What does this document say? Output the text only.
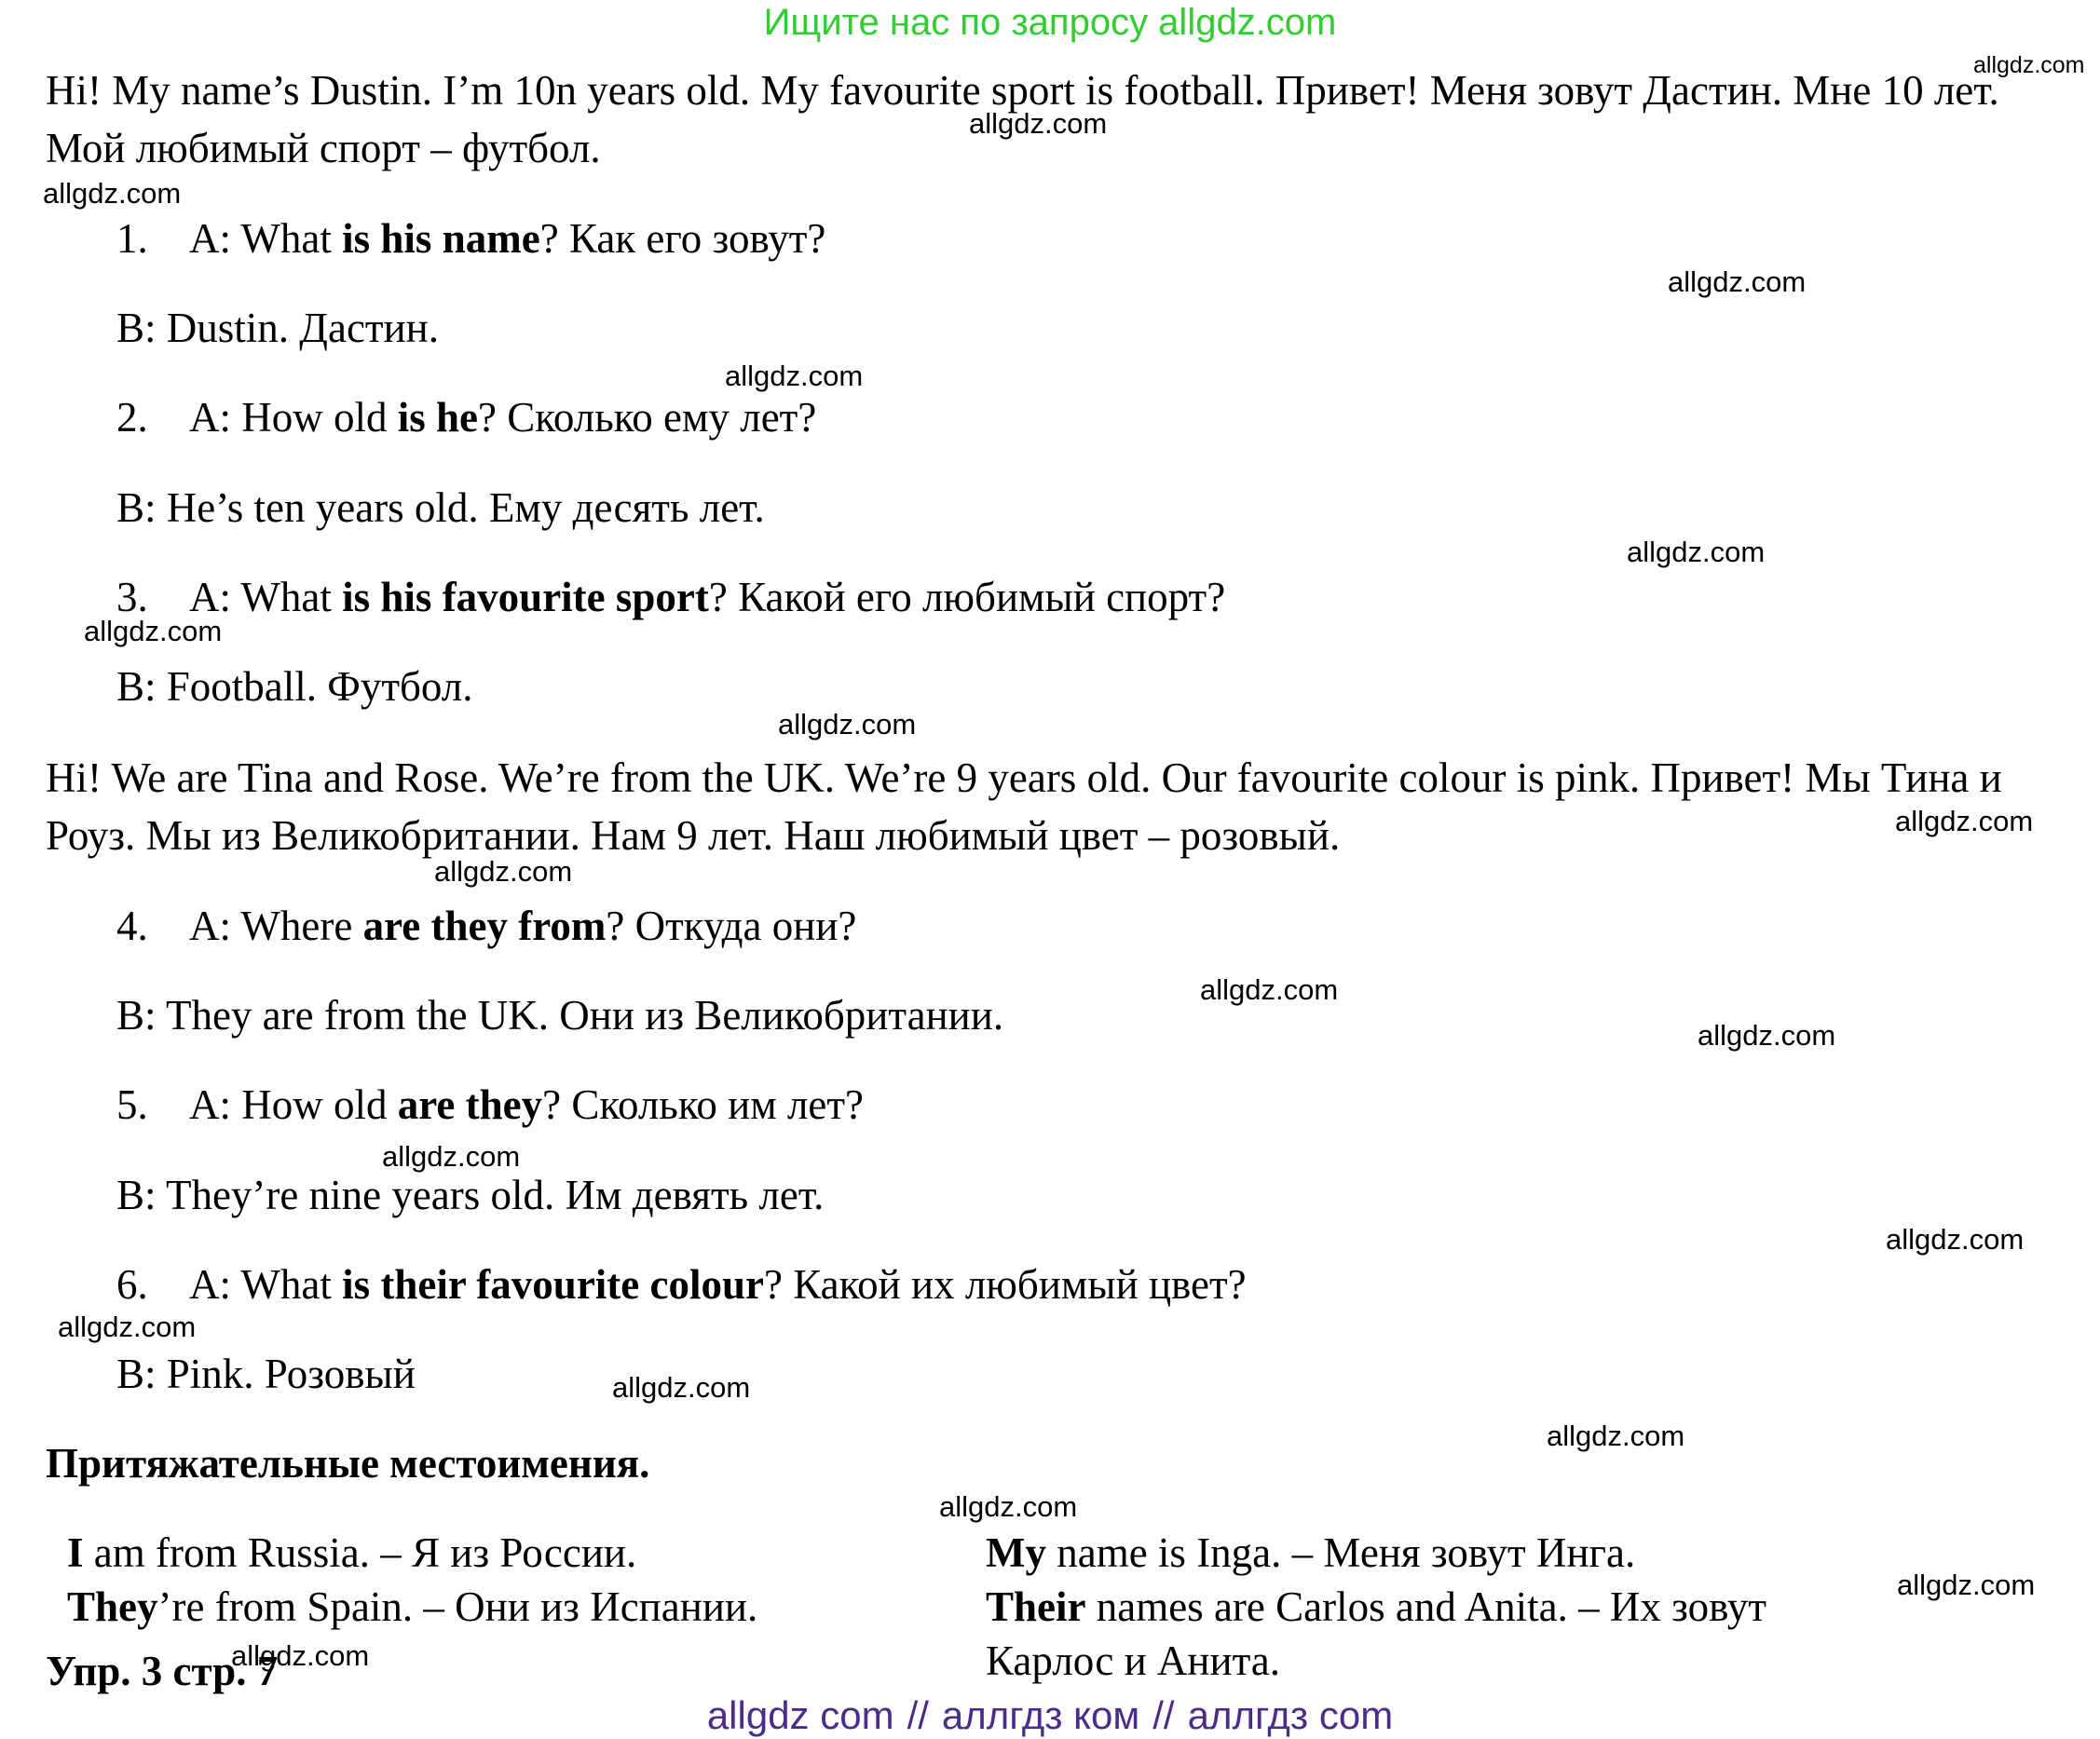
Ищите нас по запросу allgdz.com
Hi! My name’s Dustin. I’m 10n years old. My favourite sport is football. Привет! Меня зовут Дастин. Мне 10 лет. Мой любимый спорт – футбол.
1. A: What is his name? Как его зовут?
B: Dustin. Дастин.
2. A: How old is he? Сколько ему лет?
B: He’s ten years old. Ему десять лет.
3. A: What is his favourite sport? Какой его любимый спорт?
B: Football. Футбол.
Hi! We are Tina and Rose. We’re from the UK. We’re 9 years old. Our favourite colour is pink. Привет! Мы Тина и Роуз. Мы из Великобритании. Нам 9 лет. Наш любимый цвет – розовый.
4. A: Where are they from? Откуда они?
B: They are from the UK. Они из Великобритании.
5. A: How old are they? Сколько им лет?
B: They’re nine years old. Им девять лет.
6. A: What is their favourite colour? Какой их любимый цвет?
B: Pink. Розовый
Притяжательные местоимения.
I am from Russia. – Я из России.
They’re from Spain. – Они из Испании.
My name is Inga. – Меня зовут Инга.
Their names are Carlos and Anita. – Их зовут
Карлос и Анита.
Упр. 3 стр. 7
allgdz.com
allgdz.com
allgdz.com
allgdz.com
allgdz.com
allgdz.com
allgdz.com
allgdz.com
allgdz.com
allgdz.com
allgdz.com
allgdz.com
allgdz.com
allgdz.com
allgdz.com
allgdz.com
allgdz.com
allgdz.com
allgdz.com
allgdz.com
allgdz com // аллгдз ком // аллгдз com
